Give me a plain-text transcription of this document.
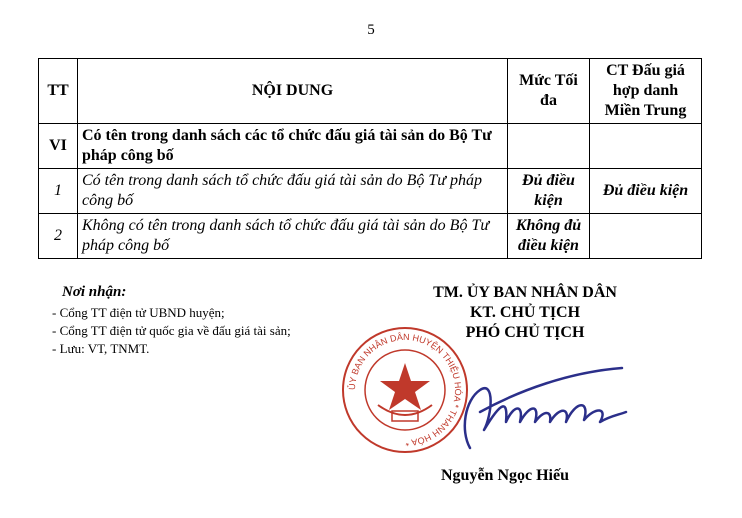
5
TT	NỘI DUNG	Mức Tối đa	CT Đấu giá hợp danh Miền Trung
VI	Có tên trong danh sách các tổ chức đấu giá tài sản do Bộ Tư pháp công bố		
1	Có tên trong danh sách tổ chức đấu giá tài sản do Bộ Tư pháp công bố	Đủ điều kiện	Đủ điều kiện
2	Không có tên trong danh sách tổ chức đấu giá tài sản do Bộ Tư pháp công bố	Không đủ điều kiện	
Nơi nhận:
- Cổng TT điện tử UBND huyện;
- Cổng TT điện tử quốc gia về đấu giá tài sản;
- Lưu: VT, TNMT.
TM. ỦY BAN NHÂN DÂN
KT. CHỦ TỊCH
PHÓ CHỦ TỊCH
ỦY BAN NHÂN DÂN HUYỆN THIỆU HÓA * THANH HÓA *
Nguyễn Ngọc Hiếu
